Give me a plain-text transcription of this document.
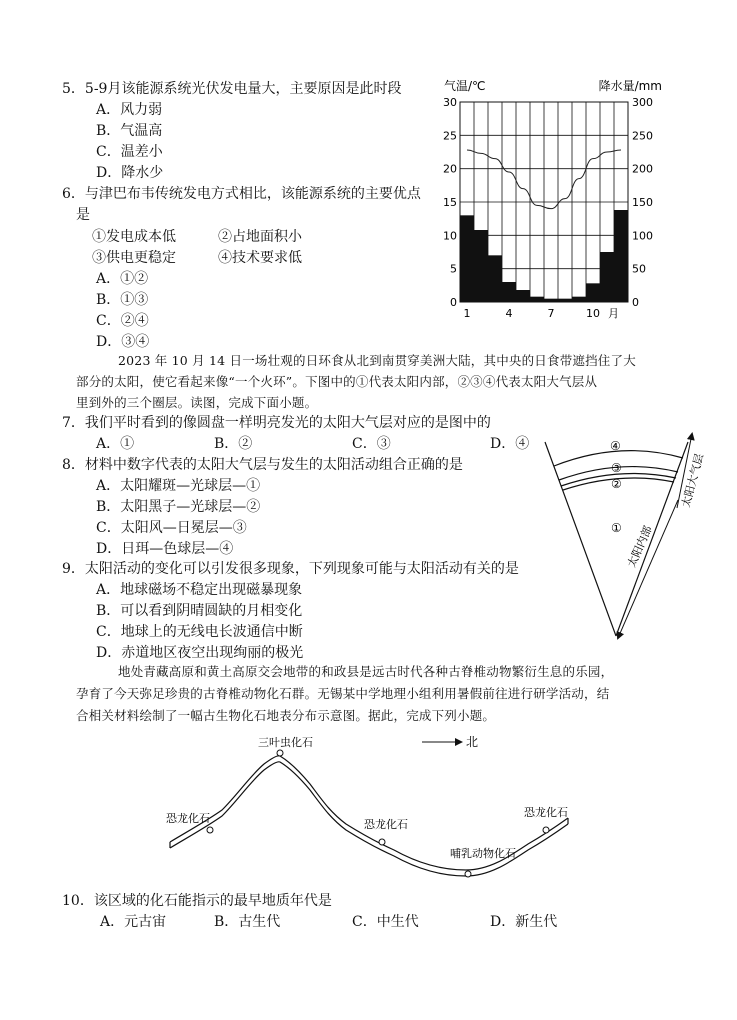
5．5-9月该能源系统光伏发电量大，主要原因是此时段
A．风力弱
B．气温高
C．温差小
D．降水少
6．与津巴布韦传统发电方式相比，该能源系统的主要优点
是
①发电成本低	②占地面积小
③供电更稳定	④技术要求低
A．①②
B．①③
C．②④
D．③④
气温/℃	降水量/mm
30
25
20
15
10
5
0
300
250
200
150
100
50
0
1	4	7	10 月
2023 年 10 月 14 日一场壮观的日环食从北到南贯穿美洲大陆，其中央的日食带遮挡住了大
部分的太阳，使它看起来像“一个火环”。下图中的①代表太阳内部，②③④代表太阳大气层从
里到外的三个圈层。读图，完成下面小题。
7．我们平时看到的像圆盘一样明亮发光的太阳大气层对应的是图中的
A．①	B．②	C．③	D．④
8．材料中数字代表的太阳大气层与发生的太阳活动组合正确的是
A．太阳耀斑—光球层—①
B．太阳黑子—光球层—②
C．太阳风—日冕层—③
D．日珥—色球层—④
④
③
②
①
太阳大气层
太阳内部
9．太阳活动的变化可以引发很多现象，下列现象可能与太阳活动有关的是
A．地球磁场不稳定出现磁暴现象
B．可以看到阴晴圆缺的月相变化
C．地球上的无线电长波通信中断
D．赤道地区夜空出现绚丽的极光
地处青藏高原和黄土高原交会地带的和政县是远古时代各种古脊椎动物繁衍生息的乐园，
孕育了今天弥足珍贵的古脊椎动物化石群。无锡某中学地理小组利用暑假前往进行研学活动，结
合相关材料绘制了一幅古生物化石地表分布示意图。据此，完成下列小题。
北
三叶虫化石
恐龙化石	恐龙化石
哺乳动物化石
恐龙化石
10．该区域的化石能指示的最早地质年代是
A．元古宙	B．古生代	C．中生代	D．新生代
